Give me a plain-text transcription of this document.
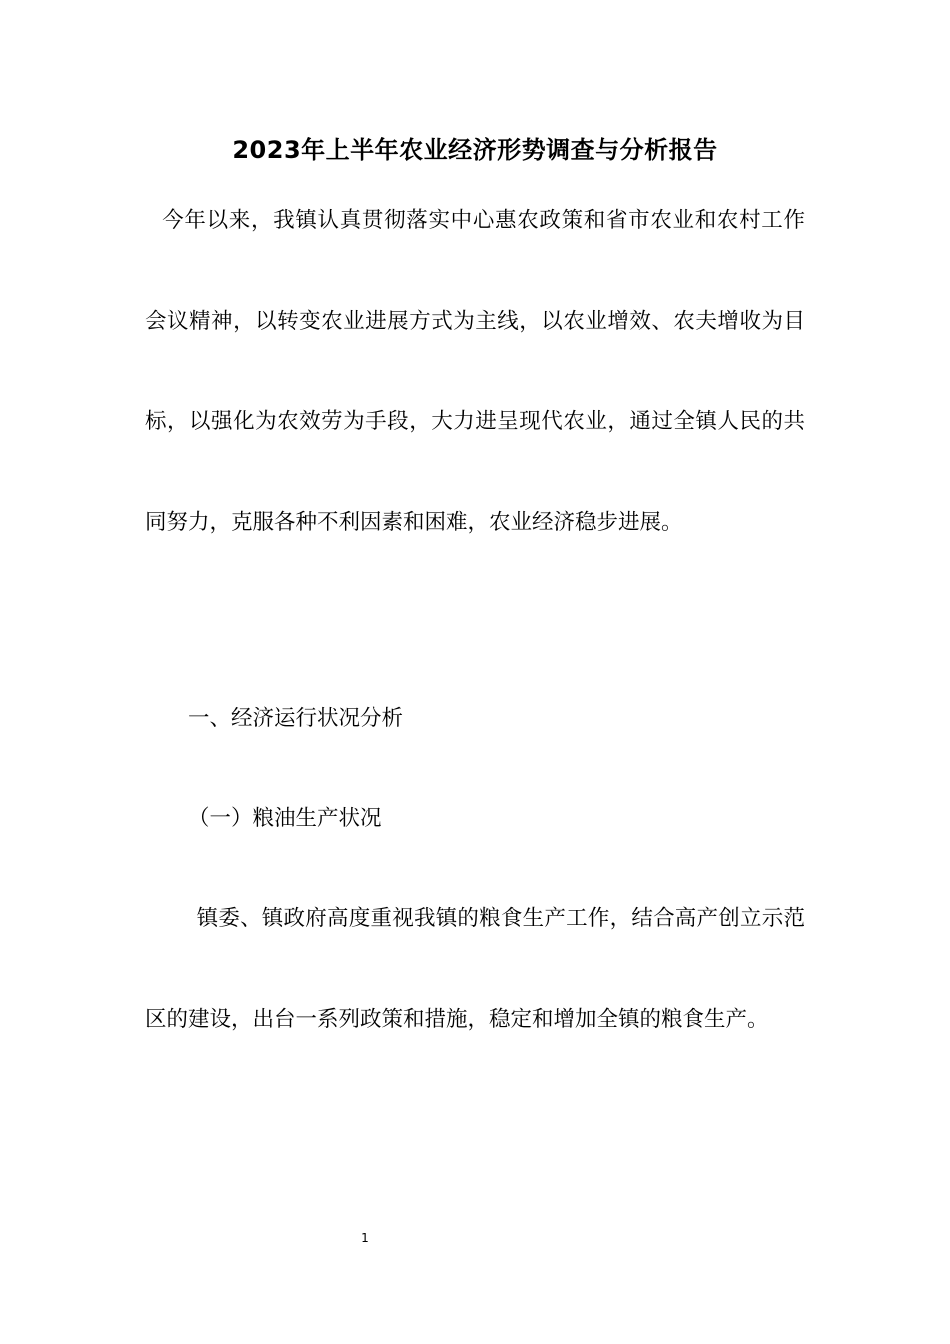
2023年上半年农业经济形势调查与分析报告

今年以来，我镇认真贯彻落实中心惠农政策和省市农业和农村工作会议精神，以转变农业进展方式为主线，以农业增效、农夫增收为目标，以强化为农效劳为手段，大力进呈现代农业，通过全镇人民的共同努力，克服各种不利因素和困难，农业经济稳步进展。

一、经济运行状况分析

（一）粮油生产状况

镇委、镇政府高度重视我镇的粮食生产工作，结合高产创立示范区的建设，出台一系列政策和措施，稳定和增加全镇的粮食生产。

1
